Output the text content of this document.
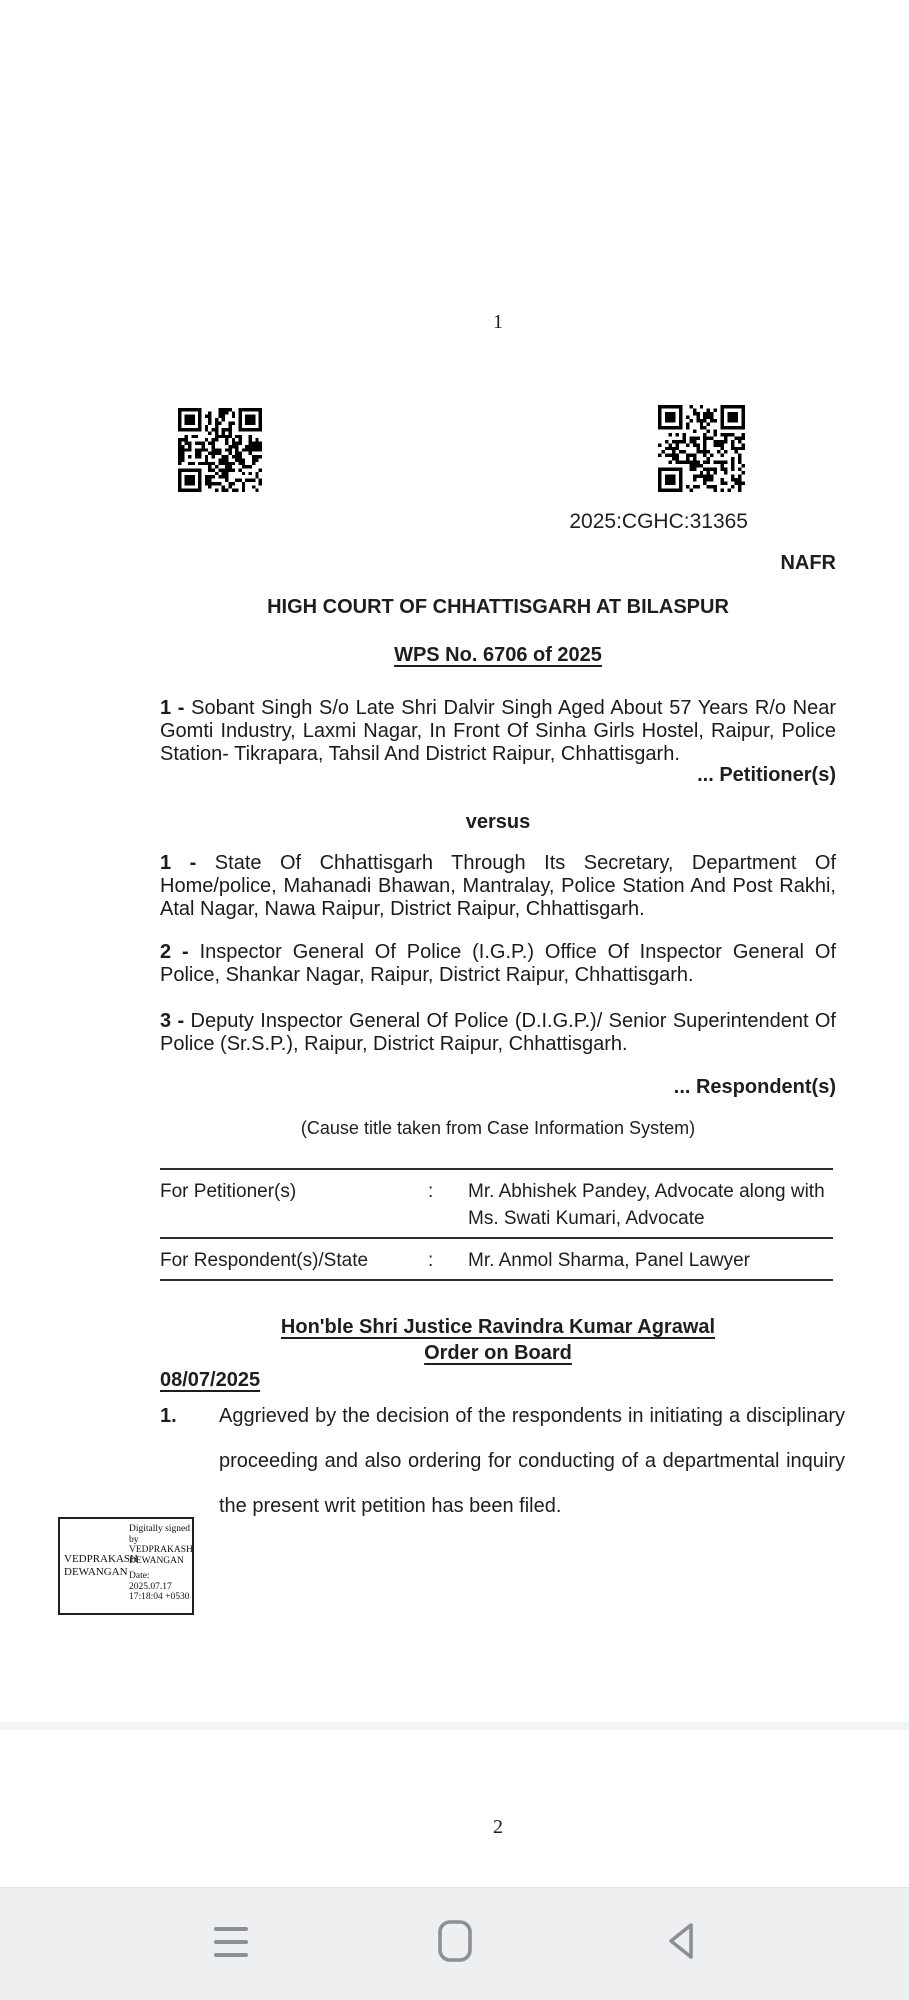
1
2025:CGHC:31365
NAFR
HIGH COURT OF CHHATTISGARH AT BILASPUR
WPS No. 6706 of 2025
1 - Sobant Singh S/o Late Shri Dalvir Singh Aged About 57 Years R/o Near Gomti Industry, Laxmi Nagar, In Front Of Sinha Girls Hostel, Raipur, Police Station- Tikrapara, Tahsil And District Raipur, Chhattisgarh.
... Petitioner(s)
versus
1 - State Of Chhattisgarh Through Its Secretary, Department Of Home/police, Mahanadi Bhawan, Mantralay, Police Station And Post Rakhi, Atal Nagar, Nawa Raipur, District Raipur, Chhattisgarh.
2 - Inspector General Of Police (I.G.P.) Office Of Inspector General Of Police, Shankar Nagar, Raipur, District Raipur, Chhattisgarh.
3 - Deputy Inspector General Of Police (D.I.G.P.)/ Senior Superintendent Of Police (Sr.S.P.), Raipur, District Raipur, Chhattisgarh.
... Respondent(s)
(Cause title taken from Case Information System)
For Petitioner(s)	:	Mr. Abhishek Pandey, Advocate along with Ms. Swati Kumari, Advocate
For Respondent(s)/State	:	Mr. Anmol Sharma, Panel Lawyer
Hon'ble Shri Justice Ravindra Kumar Agrawal
Order on Board
08/07/2025
1. Aggrieved by the decision of the respondents in initiating a disciplinary proceeding and also ordering for conducting of a departmental inquiry the present writ petition has been filed.
VEDPRAKASH DEWANGAN
Digitally signed by VEDPRAKASH DEWANGAN
Date: 2025.07.17 17:18:04 +0530
2
